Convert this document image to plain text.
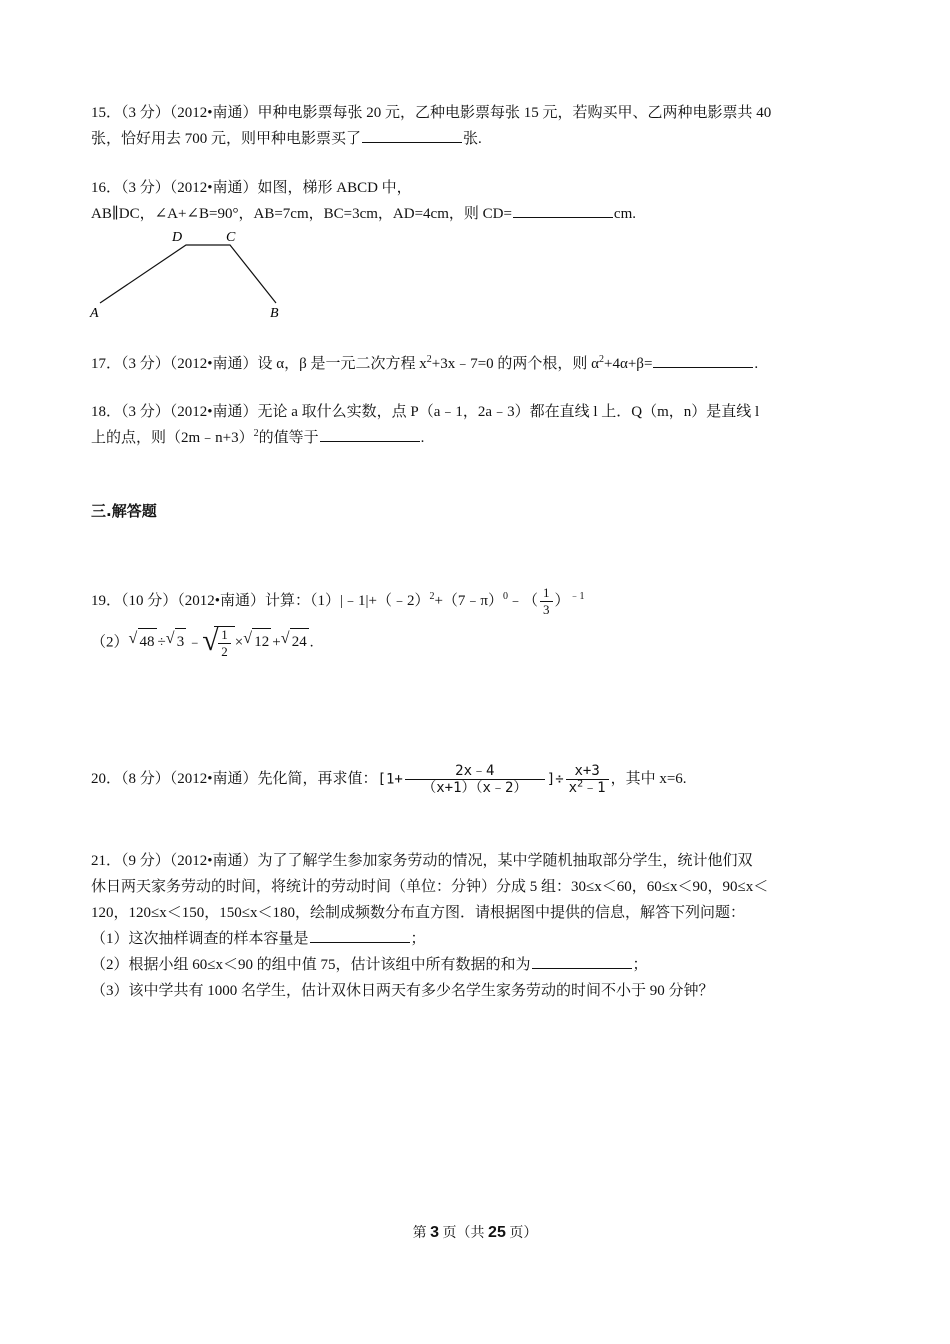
15．（3 分）（2012•南通）甲种电影票每张 20 元，乙种电影票每张 15 元，若购买甲、乙两种电影票共 40
张，恰好用去 700 元，则甲种电影票买了	张.
16．（3 分）（2012•南通）如图，梯形 ABCD 中，
AB∥DC，∠A+∠B=90°，AB=7cm，BC=3cm，AD=4cm，则 CD=	cm.
D	C
A	B
17．（3 分）（2012•南通）设 α，β 是一元二次方程 $x^2+3x﹣7=0$ 的两个根，则 $\alpha^2+4\alpha+\beta=$	.
18．（3 分）（2012•南通）无论 a 取什么实数，点 P（a﹣1，2a﹣3）都在直线 l 上．Q（m，n）是直线 l
上的点，则（2m﹣n+3）$^2$的值等于	.
三.解答题
19．（10 分）（2012•南通）计算：（1）|﹣1|+（﹣2）$^2$+（7﹣π）$^0$﹣（ $\frac{1}{3} )^{﹣1}$
（2） √ 48 ÷ √ 3 ﹣ √ $\frac{1}{2}$ × √ 12 + √ 24 .
20．（8 分）（2012•南通）先化简，再求值：[$1+ \frac{2x﹣4}{(x+1)(x﹣2)}$ ]÷ $\frac{x+3}{x^2﹣1}$ ，其中 x=6.
21．（9 分）（2012•南通）为了了解学生参加家务劳动的情况，某中学随机抽取部分学生，统计他们双
休日两天家务劳动的时间，将统计的劳动时间（单位：分钟）分成 5 组：30≤x＜60，60≤x＜90，90≤x＜
120，120≤x＜150，150≤x＜180，绘制成频数分布直方图．请根据图中提供的信息，解答下列问题：
（1）这次抽样调查的样本容量是	；
（2）根据小组 60≤x＜90 的组中值 75，估计该组中所有数据的和为	；
（3）该中学共有 1000 名学生，估计双休日两天有多少名学生家务劳动的时间不小于 90 分钟？
第 3 页（共 25 页）
